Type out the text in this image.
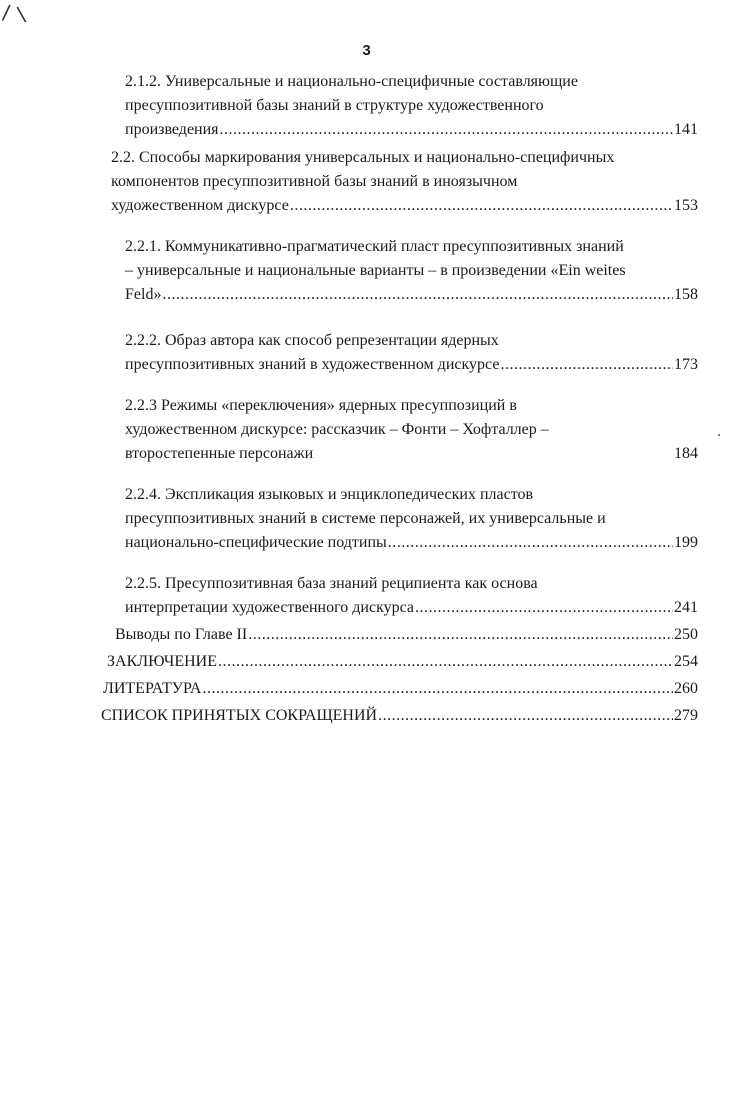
/ \
3
2.1.2. Универсальные и национально-специфичные составляющие
пресуппозитивной базы знаний в структуре художественного
произведения .....	141
2.2. Способы маркирования универсальных и национально-специфичных
компонентов пресуппозитивной базы знаний в иноязычном
художественном дискурсе .....	153
2.2.1. Коммуникативно-прагматический пласт пресуппозитивных знаний
– универсальные и национальные варианты – в произведении «Ein weites
Feld» .....	158
2.2.2. Образ автора как способ репрезентации ядерных
пресуппозитивных знаний в художественном дискурсе .....	173
2.2.3 Режимы «переключения» ядерных пресуппозиций в
художественном дискурсе: рассказчик – Фонти – Хофталлер –
второстепенные персонажи	184
2.2.4. Экспликация языковых и энциклопедических пластов
пресуппозитивных знаний в системе персонажей, их универсальные и
национально-специфические подтипы .....	199
2.2.5. Пресуппозитивная база знаний реципиента как основа
интерпретации художественного дискурса .....	241
Выводы по Главе II .....	250
ЗАКЛЮЧЕНИЕ .....	254
ЛИТЕРАТУРА .....	260
СПИСОК ПРИНЯТЫХ СОКРАЩЕНИЙ .....	279
